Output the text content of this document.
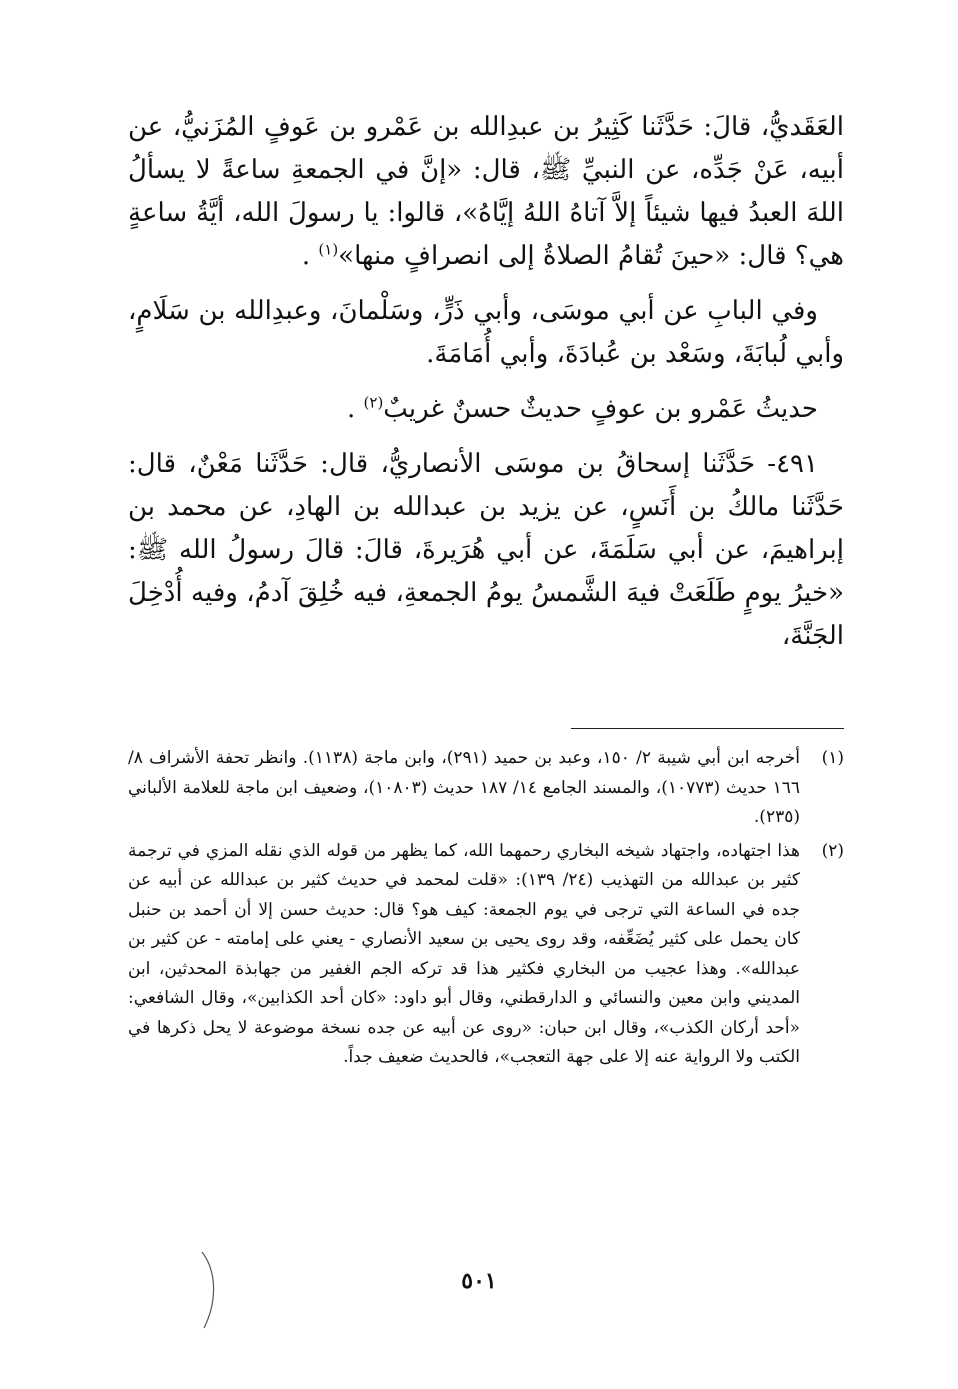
العَقَديُّ، قالَ: حَدَّثَنا كَثِيرُ بن عبدِالله بن عَمْرو بن عَوفٍ المُزَنيُّ، عن أبيه، عَنْ جَدِّه، عن النبيِّ ﷺ، قال: «إنَّ في الجمعةِ ساعةً لا يسألُ اللهَ العبدُ فيها شيئاً إلاَّ آتاهُ اللهُ إيَّاهُ»، قالوا: يا رسولَ الله، أيَّةُ ساعةٍ هي؟ قال: «حينَ تُقامُ الصلاةُ إلى انصرافٍ منها»$^{(١)}$ .

وفي البابِ عن أبي موسَى، وأبي ذَرٍّ، وسَلْمانَ، وعبدِالله بن سَلَامٍ، وأبي لُبابَةَ، وسَعْد بن عُبادَةَ، وأبي أُمَامَةَ.

حديثُ عَمْرو بن عوفٍ حديثٌ حسنٌ غريبٌ$^{(٢)}$ .

٤٩١- حَدَّثَنا إسحاقُ بن موسَى الأنصاريُّ، قال: حَدَّثَنا مَعْنٌ، قال: حَدَّثَنا مالكُ بن أَنَسٍ، عن يزيد بن عبدالله بن الهادِ، عن محمد بن إبراهيمَ، عن أبي سَلَمَةَ، عن أبي هُرَيرةَ، قالَ: قالَ رسولُ الله ﷺ: «خيرُ يومٍ طَلَعَتْ فيهَ الشَّمسُ يومُ الجمعةِ، فيه خُلِقَ آدمُ، وفيه أُدْخِلَ الجَنَّةَ،

(١)
أخرجه ابن أبي شيبة ٢/ ١٥٠، وعبد بن حميد (٢٩١)، وابن ماجة (١١٣٨). وانظر تحفة الأشراف ٨/ ١٦٦ حديث (١٠٧٧٣)، والمسند الجامع ١٤/ ١٨٧ حديث (١٠٨٠٣)، وضعيف ابن ماجة للعلامة الألباني (٢٣٥).
(٢)
هذا اجتهاده، واجتهاد شيخه البخاري رحمهما الله، كما يظهر من قوله الذي نقله المزي في ترجمة كثير بن عبدالله من التهذيب (٢٤/ ١٣٩): «قلت لمحمد في حديث كثير بن عبدالله عن أبيه عن جده في الساعة التي ترجى في يوم الجمعة: كيف هو؟ قال: حديث حسن إلا أن أحمد بن حنبل كان يحمل على كثير يُضَعِّفه، وقد روى يحيى بن سعيد الأنصاري - يعني على إمامته - عن كثير بن عبدالله». وهذا عجيب من البخاري فكثير هذا قد تركه الجم الغفير من جهابذة المحدثين، ابن المديني وابن معين والنسائي و الدارقطني، وقال أبو داود: «كان أحد الكذابين»، وقال الشافعي: «أحد أركان الكذب»، وقال ابن حبان: «روى عن أبيه عن جده نسخة موضوعة لا يحل ذكرها في الكتب ولا الرواية عنه إلا على جهة التعجب»، فالحديث ضعيف جداً.
٥٠١
